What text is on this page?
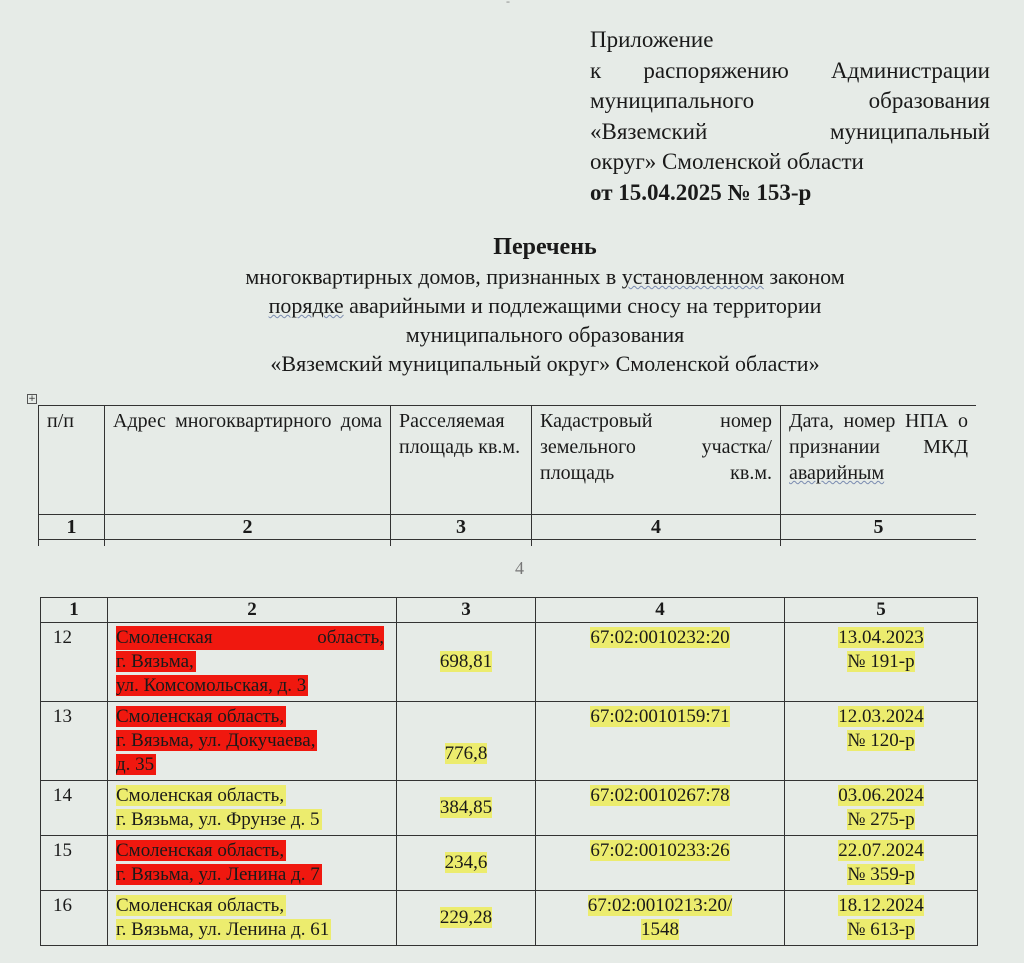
-
Приложение
к распоряжению Администрации
муниципального образования
«Вяземский муниципальный
округ» Смоленской области
от 15.04.2025 № 153-р
Перечень
многоквартирных домов, признанных в установленном законом
порядке аварийными и подлежащими сносу на территории
муниципального образования
«Вяземский муниципальный округ» Смоленской области»
+
п/п	Адрес многоквартирного дома	Расселяемая площадь кв.м.	Кадастровый номер земельного участка/ площадь кв.м.	Дата, номер НПА о признании МКД аварийным
1	2	3	4	5

4
1	2	3	4	5
12	Смоленская область,
г. Вязьма,
ул. Комсомольская, д. 3	698,81	67:02:0010232:20	13.04.2023
№ 191-р
13	Смоленская область,
г. Вязьма, ул. Докучаева,
д. 35	776,8	67:02:0010159:71	12.03.2024
№ 120-р
14	Смоленская область,
г. Вязьма, ул. Фрунзе д. 5	384,85	67:02:0010267:78	03.06.2024
№ 275-р
15	Смоленская область,
г. Вязьма, ул. Ленина д. 7	234,6	67:02:0010233:26	22.07.2024
№ 359-р
16	Смоленская область,
г. Вязьма, ул. Ленина д. 61	229,28	67:02:0010213:20/
1548	18.12.2024
№ 613-р
